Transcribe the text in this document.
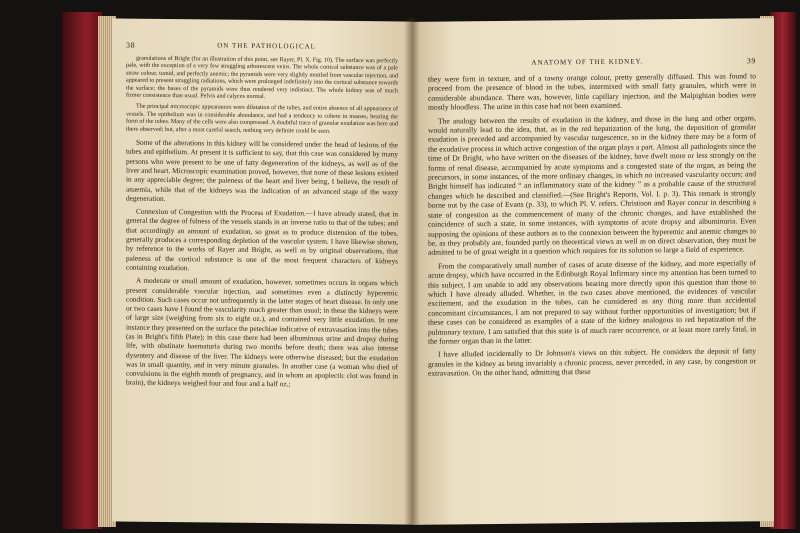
38	ON THE PATHOLOGICAL

granulations of Bright (for an illustration of this point, see Rayer, Pl. X. Fig. 10). The surface was perfectly pale, with the exception of a very few straggling arborescent veins. The whole cortical substance was of a pale straw colour, tumid, and perfectly anemic; the pyramids were very slightly mottled from vascular injection, and appeared to present straggling radiations, which were prolonged indefinitely into the cortical substance towards the surface; the bases of the pyramids were thus rendered very indistinct. The whole kidney was of much firmer consistence than usual. Pelvis and calyces normal.

The principal microscopic appearances were dilatation of the tubes, and entire absence of all appearance of vessels. The epithelium was in considerable abundance, and had a tendency to cohere in masses, bearing the form of the tubes. Many of the cells were also compressed. A doubtful trace of granular exudation was here and there observed; but, after a most careful search, nothing very definite could be seen.

Some of the alterations in this kidney will be considered under the head of lesions of the tubes and epithelium. At present it is sufficient to say, that this case was considered by many persons who were present to be one of fatty degeneration of the kidneys, as well as of the liver and heart. Microscopic examination proved, however, that none of these lesions existed in any appreciable degree; the paleness of the heart and liver being, I believe, the result of anaemia, while that of the kidneys was the indication of an advanced stage of the waxy degeneration.

Connexion of Congestion with the Process of Exudation.—I have already stated, that in general the degree of fulness of the vessels stands in an inverse ratio to that of the tubes; and that accordingly an amount of exudation, so great as to produce distension of the tubes, generally produces a corresponding depletion of the vascular system. I have likewise shown, by reference to the works of Rayer and Bright, as well as by original observations, that paleness of the cortical substance is one of the most frequent characters of kidneys containing exudation.

A moderate or small amount of exudation, however, sometimes occurs in organs which present considerable vascular injection, and sometimes even a distinctly hyperemic condition. Such cases occur not unfrequently in the latter stages of heart disease. In only one or two cases have I found the vascularity much greater than usual; in these the kidneys were of large size (weighing from six to eight oz.), and contained very little exudation. In one instance they presented on the surface the petechiae indicative of extravasation into the tubes (as in Bright's fifth Plate); in this case there had been albuminous urine and dropsy during life, with obstinate haematuria during two months before death; there was also intense dysentery and disease of the liver. The kidneys were otherwise diseased; but the exudation was in small quantity, and in very minute granules. In another case (a woman who died of convulsions in the eighth month of pregnancy, and in whom an apoplectic clot was found in brain), the kidneys weighed four and four and a half oz.;

ANATOMY OF THE KIDNEY.	39

they were firm in texture, and of a tawny orange colour, pretty generally diffused. This was found to proceed from the presence of blood in the tubes, intermixed with small fatty granules, which were in considerable abundance. There was, however, little capillary injection, and the Malpighian bodies were mostly bloodless. The urine in this case had not been examined.

The analogy between the results of exudation in the kidney, and those in the lung and other organs, would naturally lead to the idea, that, as in the red hepatization of the lung, the deposition of granular exudation is preceded and accompanied by vascular turgescence, so in the kidney there may be a form of the exudative process in which active congestion of the organ plays a part. Almost all pathologists since the time of Dr Bright, who have written on the diseases of the kidney, have dwelt more or less strongly on the forms of renal disease, accompanied by acute symptoms and a congested state of the organ, as being the precursors, in some instances, of the more ordinary changes, in which no increased vascularity occurs; and Bright himself has indicated “ an inflammatory state of the kidney ” as a probable cause of the structural changes which he described and classified.—(See Bright's Reports, Vol. I. p. 3). This remark is strongly borne out by the case of Evans (p. 33), to which Pl. V. refers. Christison and Rayer concur in describing a state of congestion as the commencement of many of the chronic changes, and have established the coincidence of such a state, in some instances, with symptoms of acute dropsy and albuminuria. Even supposing the opinions of these authors as to the connexion between the hyperemic and anemic changes to be, as they probably are, founded partly on theoretical views as well as on direct observation, they must be admitted to be of great weight in a question which requires for its solution so large a field of experience.

From the comparatively small number of cases of acute disease of the kidney, and more especially of acute dropsy, which have occurred in the Edinburgh Royal Infirmary since my attention has been turned to this subject, I am unable to add any observations bearing more directly upon this question than those to which I have already alluded. Whether, in the two cases above mentioned, the evidences of vascular excitement, and the exudation in the tubes, can be considered as any thing more than accidental concomitant circumstances, I am not prepared to say without further opportunities of investigation; but if these cases can be considered as examples of a state of the kidney analogous to red hepatization of the pulmonary texture, I am satisfied that this state is of much rarer occurrence, or at least more rarely fatal, in the former organ than in the latter.

I have alluded incidentally to Dr Johnson's views on this subject. He considers the deposit of fatty granules in the kidney as being invariably a chronic process, never preceded, in any case, by congestion or extravasation. On the other hand, admitting that these
